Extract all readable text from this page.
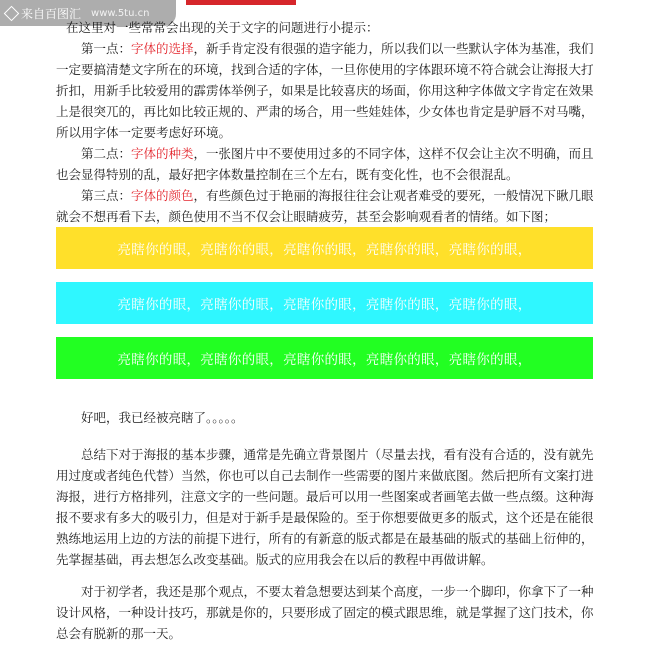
来自百图汇 www.5tu.cn

在这里对一些常常会出现的关于文字的问题进行小提示：

第一点：字体的选择，新手肯定没有很强的造字能力，所以我们以一些默认字体为基准，我们一定要搞清楚文字所在的环境，找到合适的字体，一旦你使用的字体跟环境不符合就会让海报大打折扣，用新手比较爱用的霹雳体举例子，如果是比较喜庆的场面，你用这种字体做文字肯定在效果上是很突兀的，再比如比较正规的、严肃的场合，用一些娃娃体，少女体也肯定是驴唇不对马嘴，所以用字体一定要考虑好环境。

第二点：字体的种类，一张图片中不要使用过多的不同字体，这样不仅会让主次不明确，而且也会显得特别的乱，最好把字体数量控制在三个左右，既有变化性，也不会很混乱。

第三点：字体的颜色，有些颜色过于艳丽的海报往往会让观者难受的要死，一般情况下瞅几眼就会不想再看下去，颜色使用不当不仅会让眼睛疲劳，甚至会影响观看者的情绪。如下图；

亮瞎你的眼，亮瞎你的眼，亮瞎你的眼，亮瞎你的眼，亮瞎你的眼，
亮瞎你的眼，亮瞎你的眼，亮瞎你的眼，亮瞎你的眼，亮瞎你的眼，
亮瞎你的眼，亮瞎你的眼，亮瞎你的眼，亮瞎你的眼，亮瞎你的眼，

好吧，我已经被亮瞎了。。。。。

总结下对于海报的基本步骤，通常是先确立背景图片（尽量去找，看有没有合适的，没有就先用过度或者纯色代替）当然，你也可以自己去制作一些需要的图片来做底图。然后把所有文案打进海报，进行方格排列，注意文字的一些问题。最后可以用一些图案或者画笔去做一些点缀。这种海报不要求有多大的吸引力，但是对于新手是最保险的。至于你想要做更多的版式，这个还是在能很熟练地运用上边的方法的前提下进行，所有的有新意的版式都是在最基础的版式的基础上衍伸的，先掌握基础，再去想怎么改变基础。版式的应用我会在以后的教程中再做讲解。

对于初学者，我还是那个观点，不要太着急想要达到某个高度，一步一个脚印，你拿下了一种设计风格，一种设计技巧，那就是你的，只要形成了固定的模式跟思维，就是掌握了这门技术，你总会有脱新的那一天。
